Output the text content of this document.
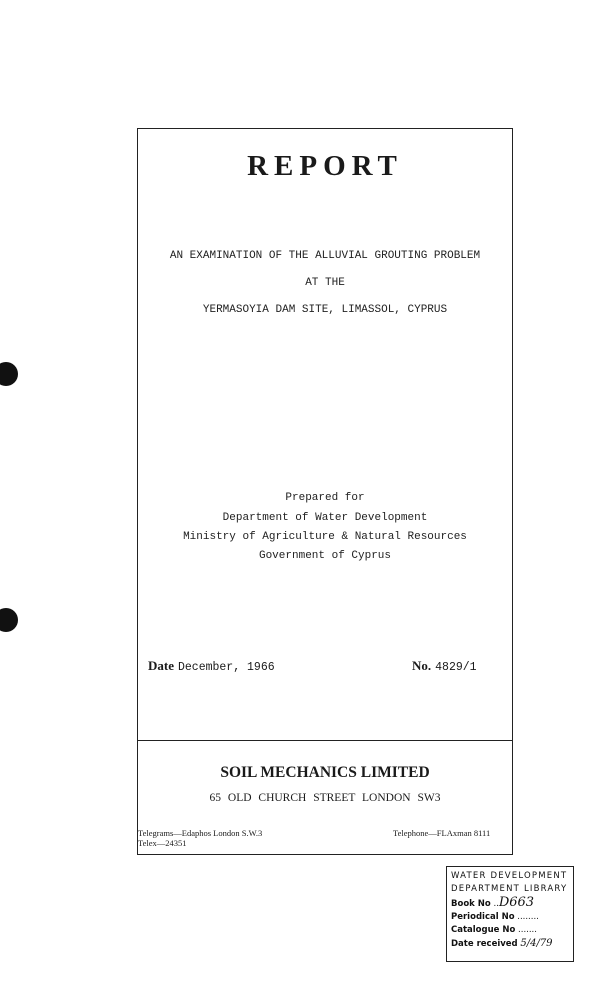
REPORT
AN EXAMINATION OF THE ALLUVIAL GROUTING PROBLEM
AT THE
YERMASOYIA DAM SITE, LIMASSOL, CYPRUS
Prepared for
Department of Water Development
Ministry of Agriculture & Natural Resources
Government of Cyprus
Date December, 1966	No. 4829/1
SOIL MECHANICS LIMITED
65 OLD CHURCH STREET LONDON SW3
Telegrams—Edaphos London S.W.3
Telex—24351
Telephone—FLAxman 8111
WATER DEVELOPMENT
DEPARTMENT LIBRARY
Book No ..D663
Periodical No ........
Catalogue No .......
Date received 5/4/79
